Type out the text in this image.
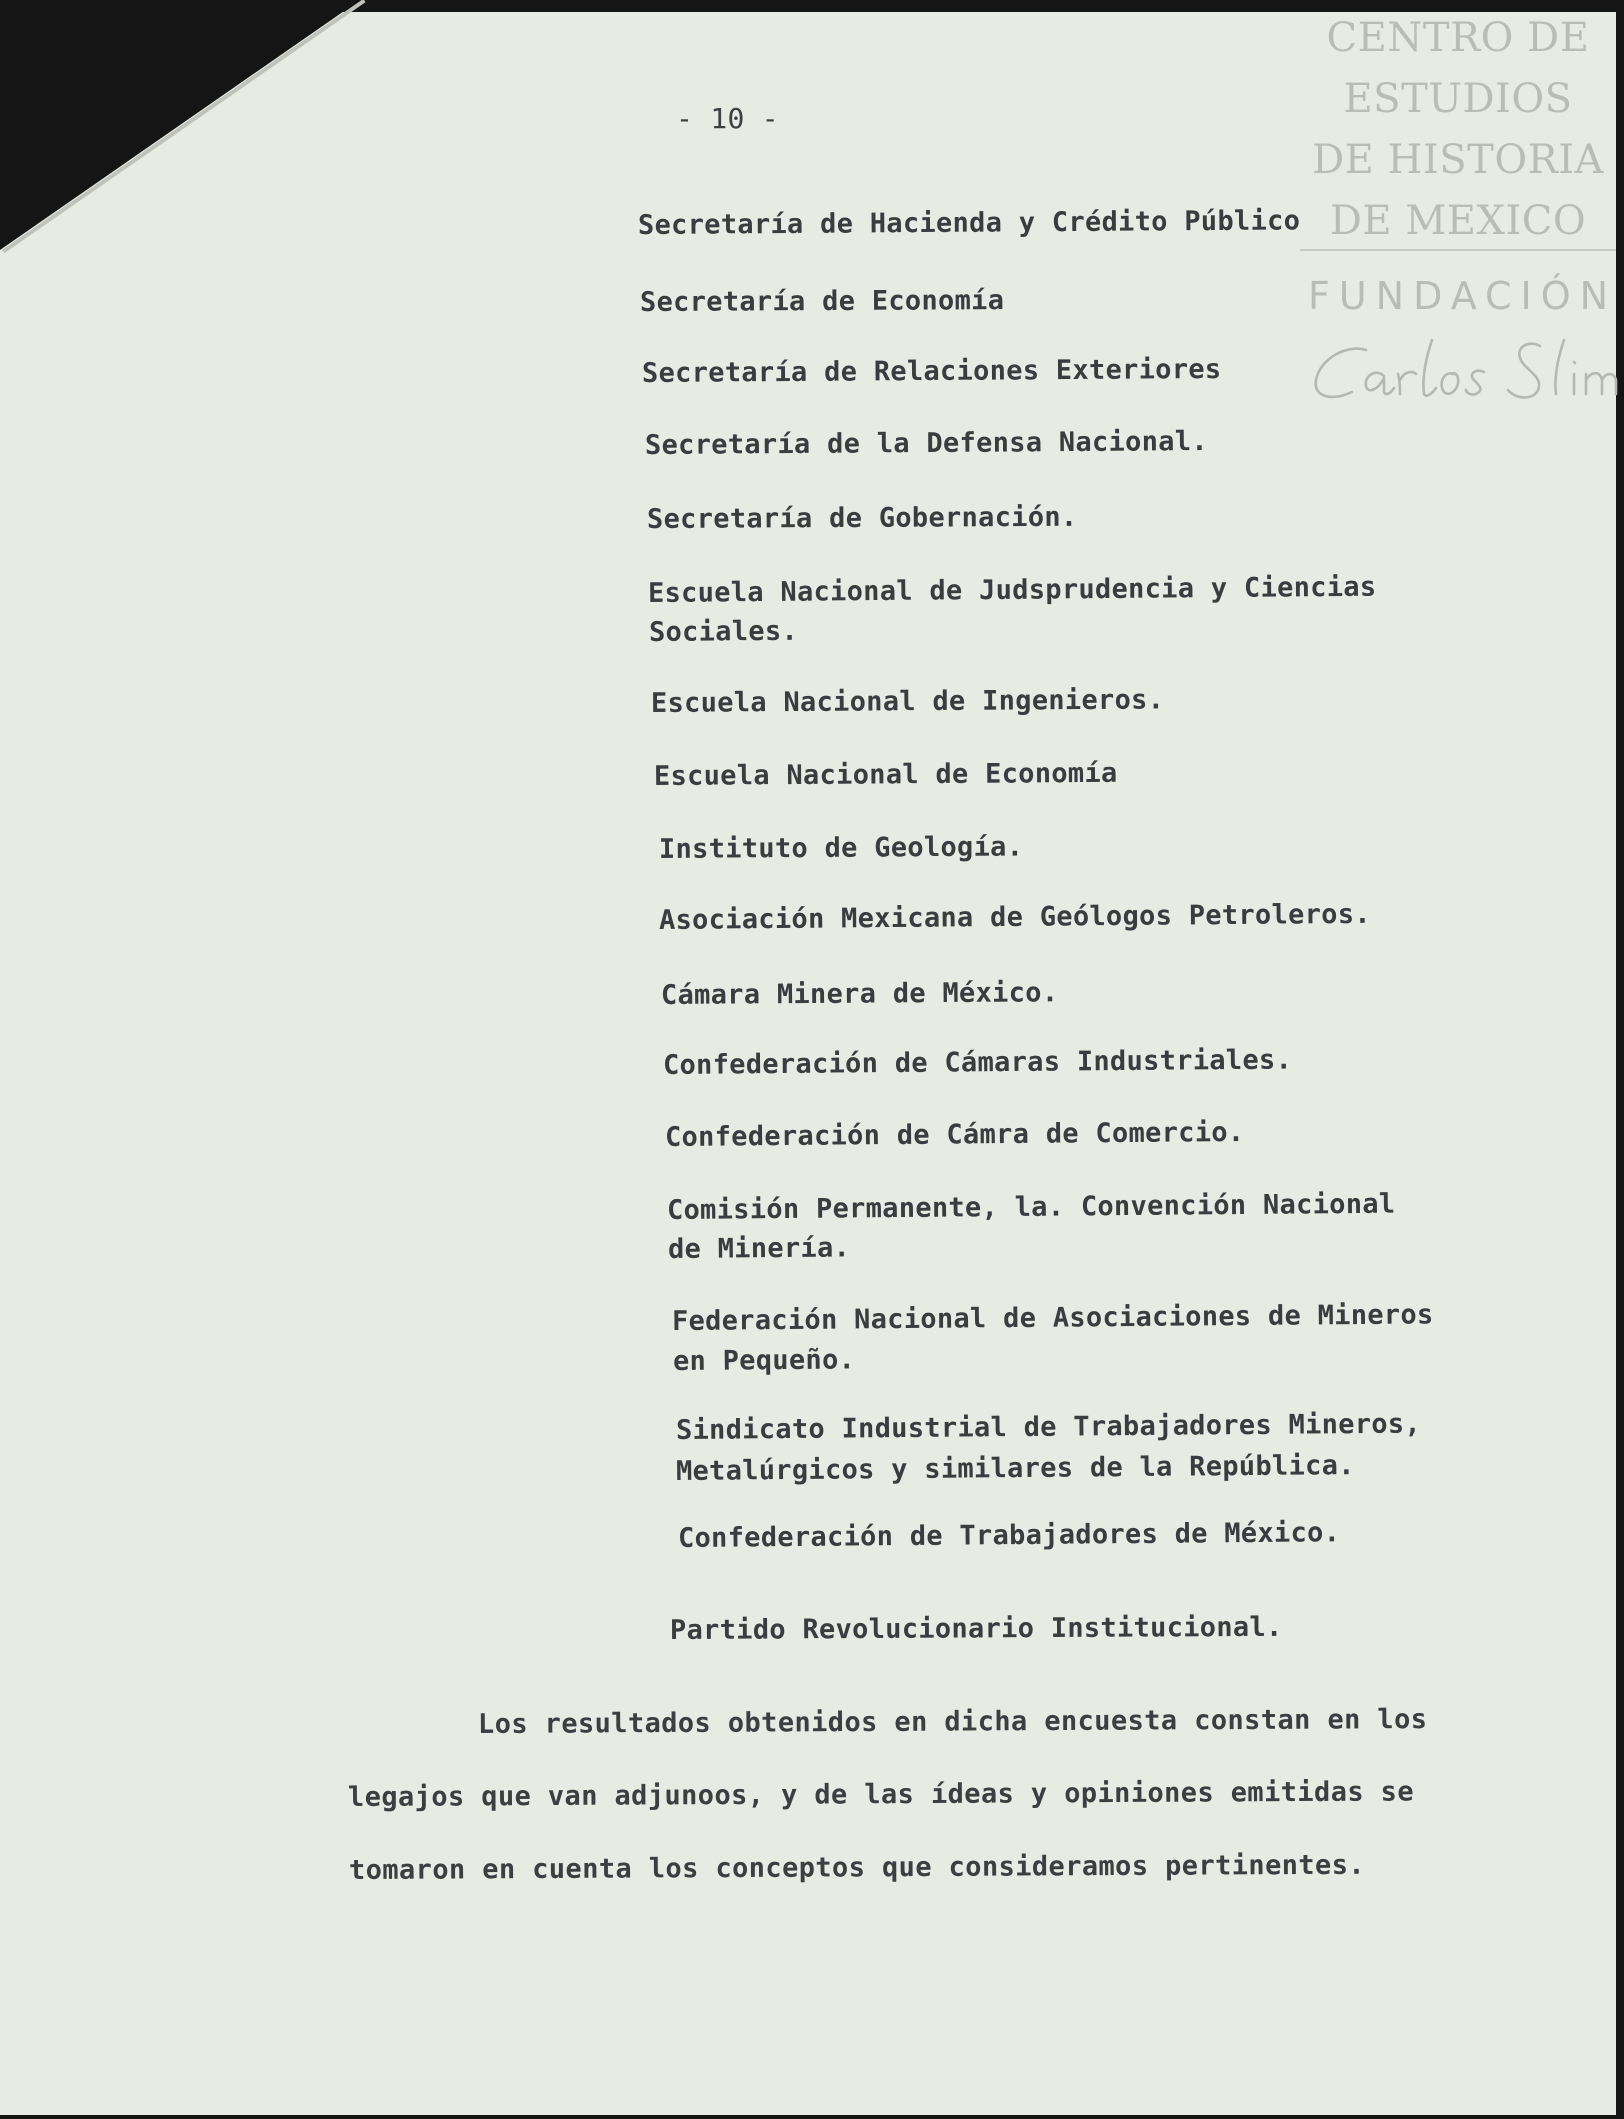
CENTRO DE
ESTUDIOS
DE HISTORIA
DE MEXICO
FUNDACIÓN
- 10 -
Secretaría de Hacienda y Crédito Público
Secretaría de Economía
Secretaría de Relaciones Exteriores
Secretaría de la Defensa Nacional.
Secretaría de Gobernación.
Escuela Nacional de Judsprudencia y Ciencias
Sociales.
Escuela Nacional de Ingenieros.
Escuela Nacional de Economía
Instituto de Geología.
Asociación Mexicana de Geólogos Petroleros.
Cámara Minera de México.
Confederación de Cámaras Industriales.
Confederación de Cámra de Comercio.
Comisión Permanente, la. Convención Nacional
de Minería.
Federación Nacional de Asociaciones de Mineros
en Pequeño.
Sindicato Industrial de Trabajadores Mineros,
Metalúrgicos y similares de la República.
Confederación de Trabajadores de México.
Partido Revolucionario Institucional.
Los resultados obtenidos en dicha encuesta constan en los
legajos que van adjunoos, y de las ídeas y opiniones emitidas se
tomaron en cuenta los conceptos que consideramos pertinentes.
